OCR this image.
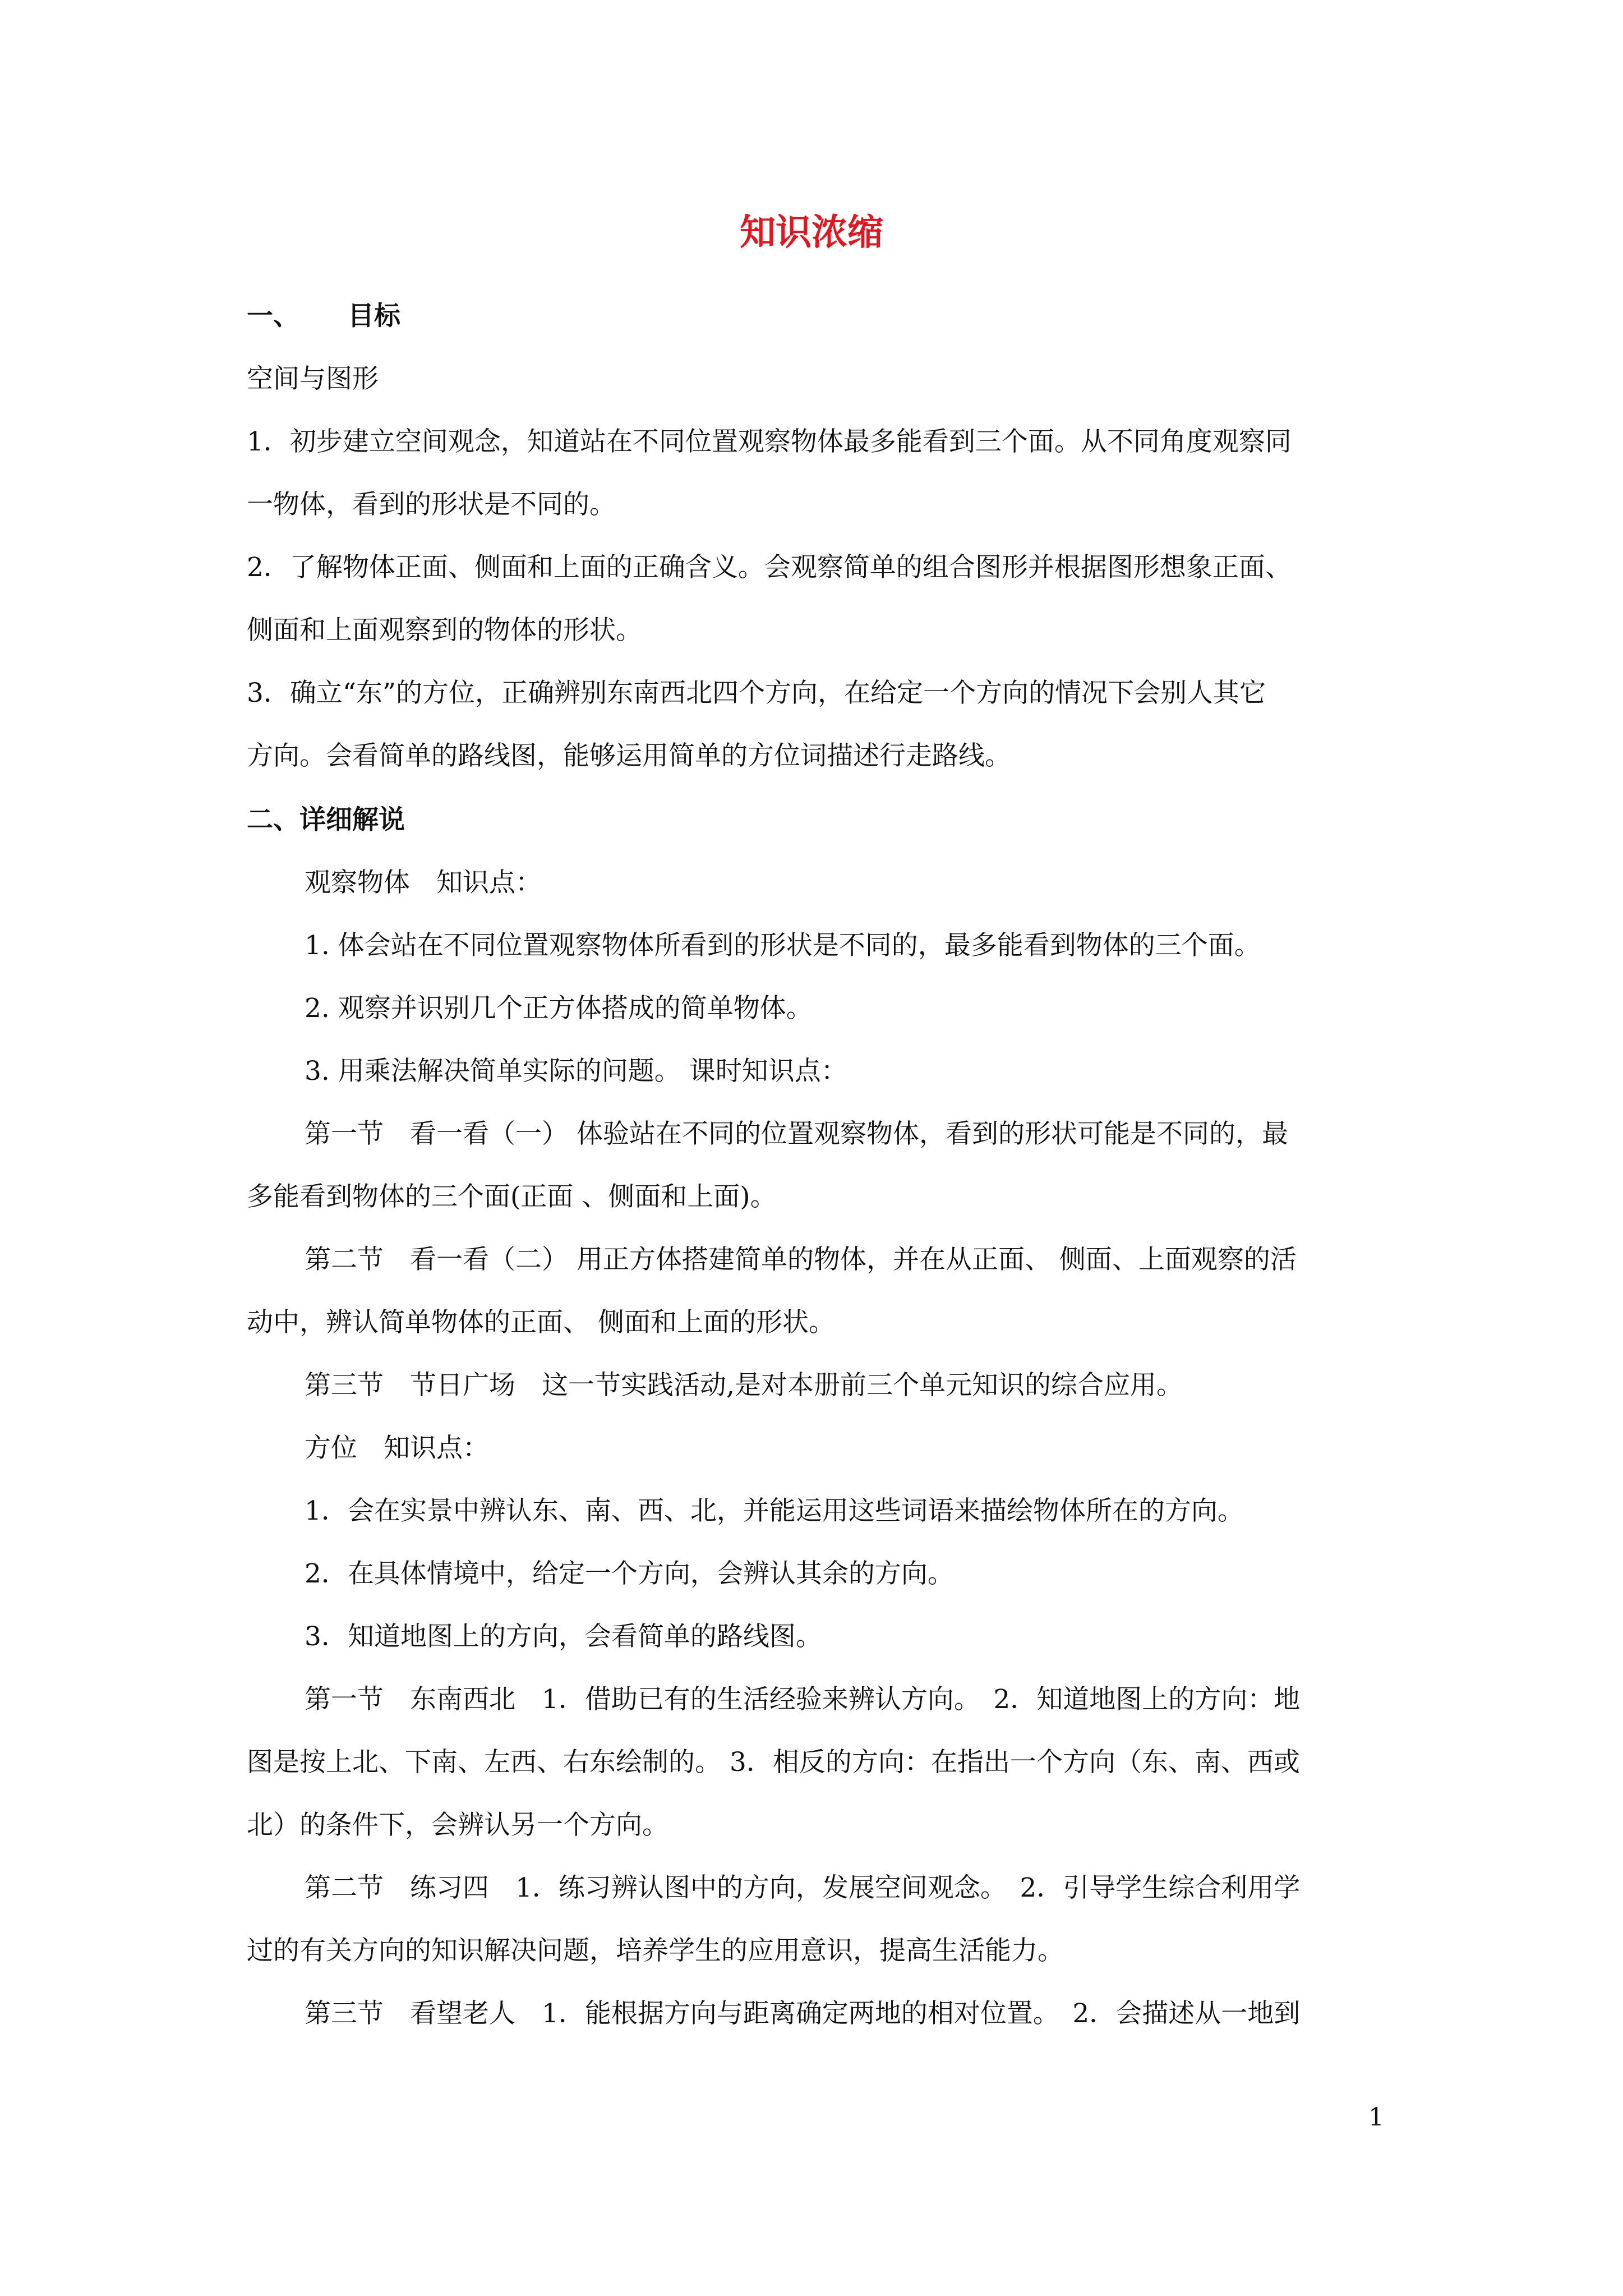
知识浓缩
一、 目标
空间与图形
1．初步建立空间观念，知道站在不同位置观察物体最多能看到三个面。从不同角度观察同
一物体，看到的形状是不同的。
2．了解物体正面、侧面和上面的正确含义。会观察简单的组合图形并根据图形想象正面、
侧面和上面观察到的物体的形状。
3．确立“东”的方位，正确辨别东南西北四个方向，在给定一个方向的情况下会别人其它
方向。会看简单的路线图，能够运用简单的方位词描述行走路线。
二、详细解说
观察物体　知识点：
1. 体会站在不同位置观察物体所看到的形状是不同的，最多能看到物体的三个面。
2. 观察并识别几个正方体搭成的简单物体。
3. 用乘法解决简单实际的问题。 课时知识点：
第一节　看一看（一） 体验站在不同的位置观察物体，看到的形状可能是不同的，最
多能看到物体的三个面(正面 、侧面和上面)。
第二节　看一看（二） 用正方体搭建简单的物体，并在从正面、 侧面、上面观察的活
动中，辨认简单物体的正面、 侧面和上面的形状。
第三节　节日广场　这一节实践活动,是对本册前三个单元知识的综合应用。
方位　知识点：
1．会在实景中辨认东、南、西、北，并能运用这些词语来描绘物体所在的方向。
2．在具体情境中，给定一个方向，会辨认其余的方向。
3．知道地图上的方向，会看简单的路线图。
第一节　东南西北　1．借助已有的生活经验来辨认方向。　2．知道地图上的方向：地
图是按上北、下南、左西、右东绘制的。 3．相反的方向：在指出一个方向（东、南、西或
北）的条件下，会辨认另一个方向。
第二节　练习四　1．练习辨认图中的方向，发展空间观念。　2．引导学生综合利用学
过的有关方向的知识解决问题，培养学生的应用意识，提高生活能力。
第三节　看望老人　1．能根据方向与距离确定两地的相对位置。　2．会描述从一地到
1
